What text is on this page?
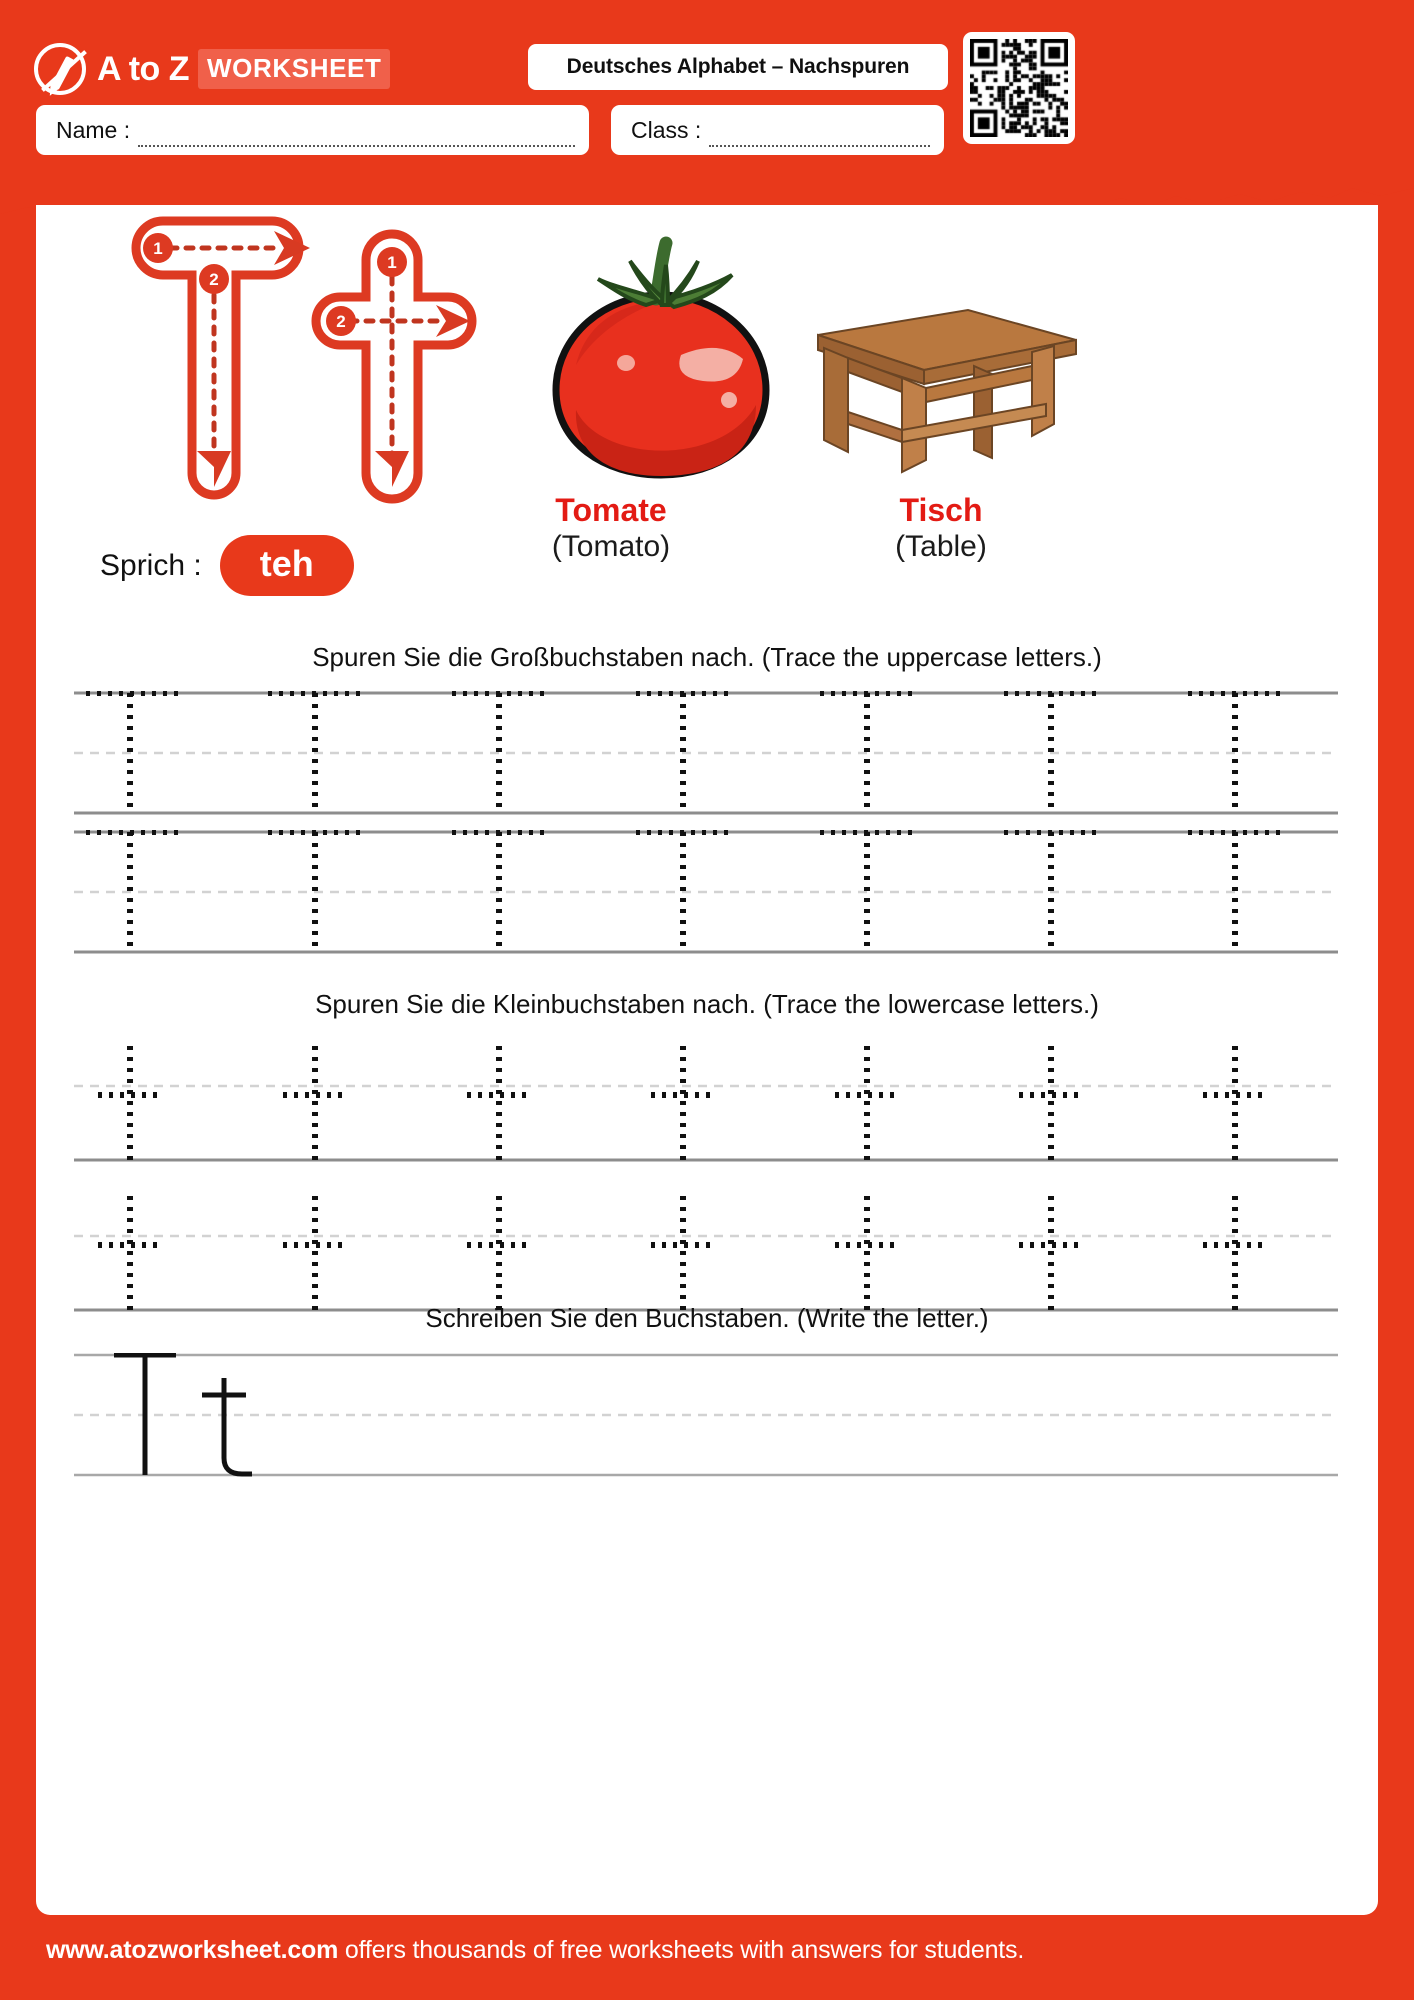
A to Z WORKSHEET	Deutsches Alphabet – Nachspuren
Name :	Class :
1
2
1
2
Sprich :	teh
Tomate
(Tomato)
Tisch
(Table)
Spuren Sie die Großbuchstaben nach. (Trace the uppercase letters.)
Spuren Sie die Kleinbuchstaben nach. (Trace the lowercase letters.)
Schreiben Sie den Buchstaben. (Write the letter.)
www.atozworksheet.com offers thousands of free worksheets with answers for students.
